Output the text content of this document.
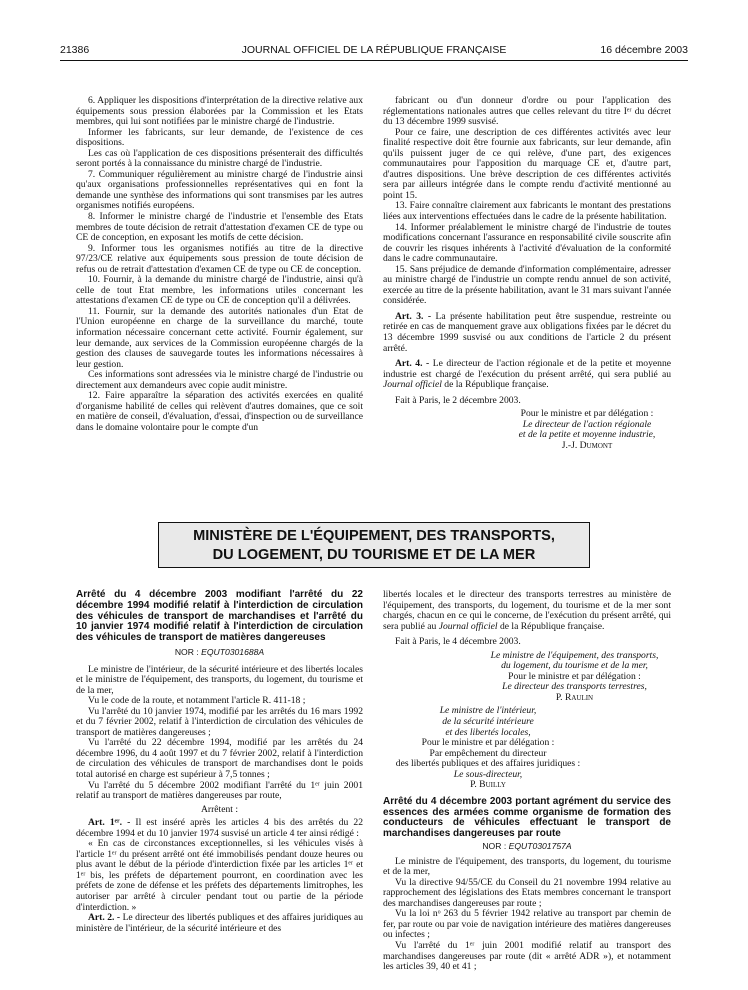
21386	JOURNAL OFFICIEL DE LA RÉPUBLIQUE FRANÇAISE	16 décembre 2003

6. Appliquer les dispositions d'interprétation de la directive relative aux équipements sous pression élaborées par la Commission et les Etats membres, qui lui sont notifiées par le ministre chargé de l'industrie.

Informer les fabricants, sur leur demande, de l'existence de ces dispositions.

Les cas où l'application de ces dispositions présenterait des difficultés seront portés à la connaissance du ministre chargé de l'industrie.

7. Communiquer régulièrement au ministre chargé de l'industrie ainsi qu'aux organisations professionnelles représentatives qui en font la demande une synthèse des informations qui sont transmises par les autres organismes notifiés européens.

8. Informer le ministre chargé de l'industrie et l'ensemble des Etats membres de toute décision de retrait d'attestation d'examen CE de type ou CE de conception, en exposant les motifs de cette décision.

9. Informer tous les organismes notifiés au titre de la directive 97/23/CE relative aux équipements sous pression de toute décision de refus ou de retrait d'attestation d'examen CE de type ou CE de conception.

10. Fournir, à la demande du ministre chargé de l'industrie, ainsi qu'à celle de tout Etat membre, les informations utiles concernant les attestations d'examen CE de type ou CE de conception qu'il a délivrées.

11. Fournir, sur la demande des autorités nationales d'un Etat de l'Union européenne en charge de la surveillance du marché, toute information nécessaire concernant cette activité. Fournir également, sur leur demande, aux services de la Commission européenne chargés de la gestion des clauses de sauvegarde toutes les informations nécessaires à leur gestion.

Ces informations sont adressées via le ministre chargé de l'industrie ou directement aux demandeurs avec copie audit ministre.

12. Faire apparaître la séparation des activités exercées en qualité d'organisme habilité de celles qui relèvent d'autres domaines, que ce soit en matière de conseil, d'évaluation, d'essai, d'inspection ou de surveillance dans le domaine volontaire pour le compte d'un

fabricant ou d'un donneur d'ordre ou pour l'application des réglementations nationales autres que celles relevant du titre Iᵉʳ du décret du 13 décembre 1999 susvisé.

Pour ce faire, une description de ces différentes activités avec leur finalité respective doit être fournie aux fabricants, sur leur demande, afin qu'ils puissent juger de ce qui relève, d'une part, des exigences communautaires pour l'apposition du marquage CE et, d'autre part, d'autres dispositions. Une brève description de ces différentes activités sera par ailleurs intégrée dans le compte rendu d'activité mentionné au point 15.

13. Faire connaître clairement aux fabricants le montant des prestations liées aux interventions effectuées dans le cadre de la présente habilitation.

14. Informer préalablement le ministre chargé de l'industrie de toutes modifications concernant l'assurance en responsabilité civile souscrite afin de couvrir les risques inhérents à l'activité d'évaluation de la conformité dans le cadre communautaire.

15. Sans préjudice de demande d'information complémentaire, adresser au ministre chargé de l'industrie un compte rendu annuel de son activité, exercée au titre de la présente habilitation, avant le 31 mars suivant l'année considérée.

Art. 3. - La présente habilitation peut être suspendue, restreinte ou retirée en cas de manquement grave aux obligations fixées par le décret du 13 décembre 1999 susvisé ou aux conditions de l'article 2 du présent arrêté.

Art. 4. - Le directeur de l'action régionale et de la petite et moyenne industrie est chargé de l'exécution du présent arrêté, qui sera publié au Journal officiel de la République française.

Fait à Paris, le 2 décembre 2003.

Pour le ministre et par délégation :
Le directeur de l'action régionale
et de la petite et moyenne industrie,
J.-J. Dumont
MINISTÈRE DE L'ÉQUIPEMENT, DES TRANSPORTS,
DU LOGEMENT, DU TOURISME ET DE LA MER
Arrêté du 4 décembre 2003 modifiant l'arrêté du 22 décembre 1994 modifié relatif à l'interdiction de circulation des véhicules de transport de marchandises et l'arrêté du 10 janvier 1974 modifié relatif à l'interdiction de circulation des véhicules de transport de matières dangereuses
NOR : EQUT0301688A

Le ministre de l'intérieur, de la sécurité intérieure et des libertés locales et le ministre de l'équipement, des transports, du logement, du tourisme et de la mer,

Vu le code de la route, et notamment l'article R. 411-18 ;

Vu l'arrêté du 10 janvier 1974, modifié par les arrêtés du 16 mars 1992 et du 7 février 2002, relatif à l'interdiction de circulation des véhicules de transport de matières dangereuses ;

Vu l'arrêté du 22 décembre 1994, modifié par les arrêtés du 24 décembre 1996, du 4 août 1997 et du 7 février 2002, relatif à l'interdiction de circulation des véhicules de transport de marchandises dont le poids total autorisé en charge est supérieur à 7,5 tonnes ;

Vu l'arrêté du 5 décembre 2002 modifiant l'arrêté du 1ᵉʳ juin 2001 relatif au transport de matières dangereuses par route,

Arrêtent :

Art. 1ᵉʳ. - Il est inséré après les articles 4 bis des arrêtés du 22 décembre 1994 et du 10 janvier 1974 susvisé un article 4 ter ainsi rédigé :

« En cas de circonstances exceptionnelles, si les véhicules visés à l'article 1ᵉʳ du présent arrêté ont été immobilisés pendant douze heures ou plus avant le début de la période d'interdiction fixée par les articles 1ᵉʳ et 1ᵉʳ bis, les préfets de département pourront, en coordination avec les préfets de zone de défense et les préfets des départements limitrophes, les autoriser par arrêté à circuler pendant tout ou partie de la période d'interdiction. »

Art. 2. - Le directeur des libertés publiques et des affaires juridiques au ministère de l'intérieur, de la sécurité intérieure et des

libertés locales et le directeur des transports terrestres au ministère de l'équipement, des transports, du logement, du tourisme et de la mer sont chargés, chacun en ce qui le concerne, de l'exécution du présent arrêté, qui sera publié au Journal officiel de la République française.

Fait à Paris, le 4 décembre 2003.

Le ministre de l'équipement, des transports,
du logement, du tourisme et de la mer,
Pour le ministre et par délégation :
Le directeur des transports terrestres,
P. Raulin
Le ministre de l'intérieur,
de la sécurité intérieure
et des libertés locales,
Pour le ministre et par délégation :
Par empêchement du directeur
des libertés publiques et des affaires juridiques :
Le sous-directeur,
P. Builly
Arrêté du 4 décembre 2003 portant agrément du service des essences des armées comme organisme de formation des conducteurs de véhicules effectuant le transport de marchandises dangereuses par route
NOR : EQUT0301757A

Le ministre de l'équipement, des transports, du logement, du tourisme et de la mer,

Vu la directive 94/55/CE du Conseil du 21 novembre 1994 relative au rapprochement des législations des Etats membres concernant le transport des marchandises dangereuses par route ;

Vu la loi nᵒ 263 du 5 février 1942 relative au transport par chemin de fer, par route ou par voie de navigation intérieure des matières dangereuses ou infectes ;

Vu l'arrêté du 1ᵉʳ juin 2001 modifié relatif au transport des marchandises dangereuses par route (dit « arrêté ADR »), et notamment les articles 39, 40 et 41 ;
